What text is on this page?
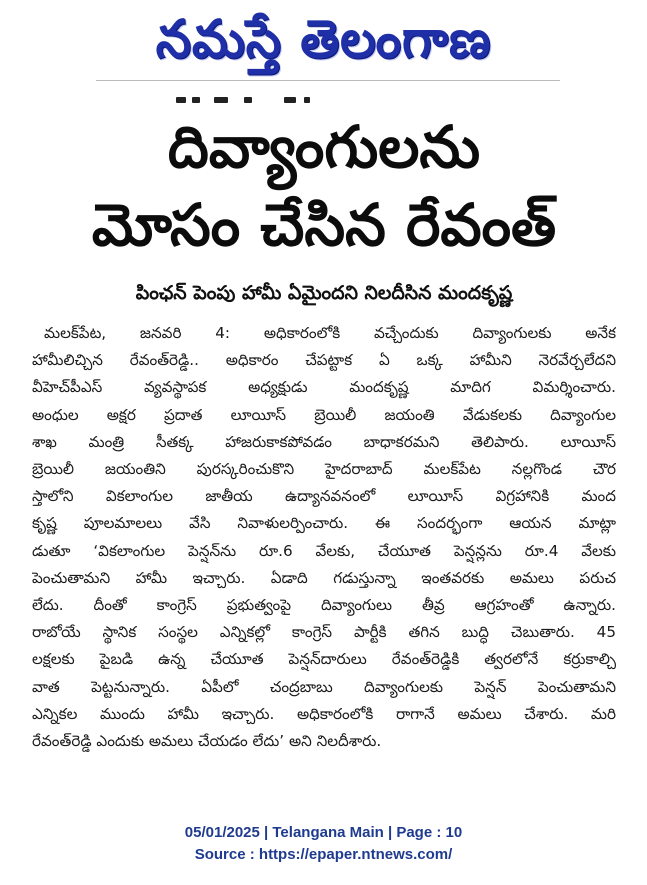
నమస్తే తెలంగాణ
దివ్యాంగులను
మోసం చేసిన రేవంత్

పింఛన్ పెంపు హామీ ఏమైందని నిలదీసిన మందకృష్ణ

మలక్‌పేట, జనవరి 4: అధికారంలోకి వచ్చేందుకు దివ్యాంగులకు అనేక
హామీలిచ్చిన రేవంత్‌రెడ్డి.. అధికారం చేపట్టాక ఏ ఒక్క హామీని నెరవేర్చలేదని
వీహెచ్‌పీఎస్ వ్యవస్థాపక అధ్యక్షుడు మందకృష్ణ మాదిగ విమర్శించారు.
అంధుల అక్షర ప్రదాత లూయీస్ బ్రెయిలీ జయంతి వేడుకలకు దివ్యాంగుల
శాఖ మంత్రి సీతక్క హాజరుకాకపోవడం బాధాకరమని తెలిపారు. లూయీస్
బ్రెయిలీ జయంతిని పురస్కరించుకొని హైదరాబాద్ మలక్‌పేట నల్లగొండ చౌర
స్తాలోని వికలాంగుల జాతీయ ఉద్యానవనంలో లూయీస్ విగ్రహానికి మంద
కృష్ణ పూలమాలలు వేసి నివాళులర్పించారు. ఈ సందర్భంగా ఆయన మాట్లా
డుతూ ‘వికలాంగుల పెన్షన్‌ను రూ.6 వేలకు, చేయూత పెన్షన్లను రూ.4 వేలకు
పెంచుతామని హామీ ఇచ్చారు. ఏడాది గడుస్తున్నా ఇంతవరకు అమలు పరుచ
లేదు. దీంతో కాంగ్రెస్ ప్రభుత్వంపై దివ్యాంగులు తీవ్ర ఆగ్రహంతో ఉన్నారు.
రాబోయే స్థానిక సంస్థల ఎన్నికల్లో కాంగ్రెస్ పార్టీకి తగిన బుద్ధి చెబుతారు. 45
లక్షలకు పైబడి ఉన్న చేయూత పెన్షన్‌దారులు రేవంత్‌రెడ్డికి త్వరలోనే కర్రుకాల్చి
వాత పెట్టనున్నారు. ఏపీలో చంద్రబాబు దివ్యాంగులకు పెన్షన్ పెంచుతామని
ఎన్నికల ముందు హామీ ఇచ్చారు. అధికారంలోకి రాగానే అమలు చేశారు. మరి
రేవంత్‌రెడ్డి ఎందుకు అమలు చేయడం లేదు’ అని నిలదీశారు.
05/01/2025 | Telangana Main | Page : 10
Source : https://epaper.ntnews.com/
